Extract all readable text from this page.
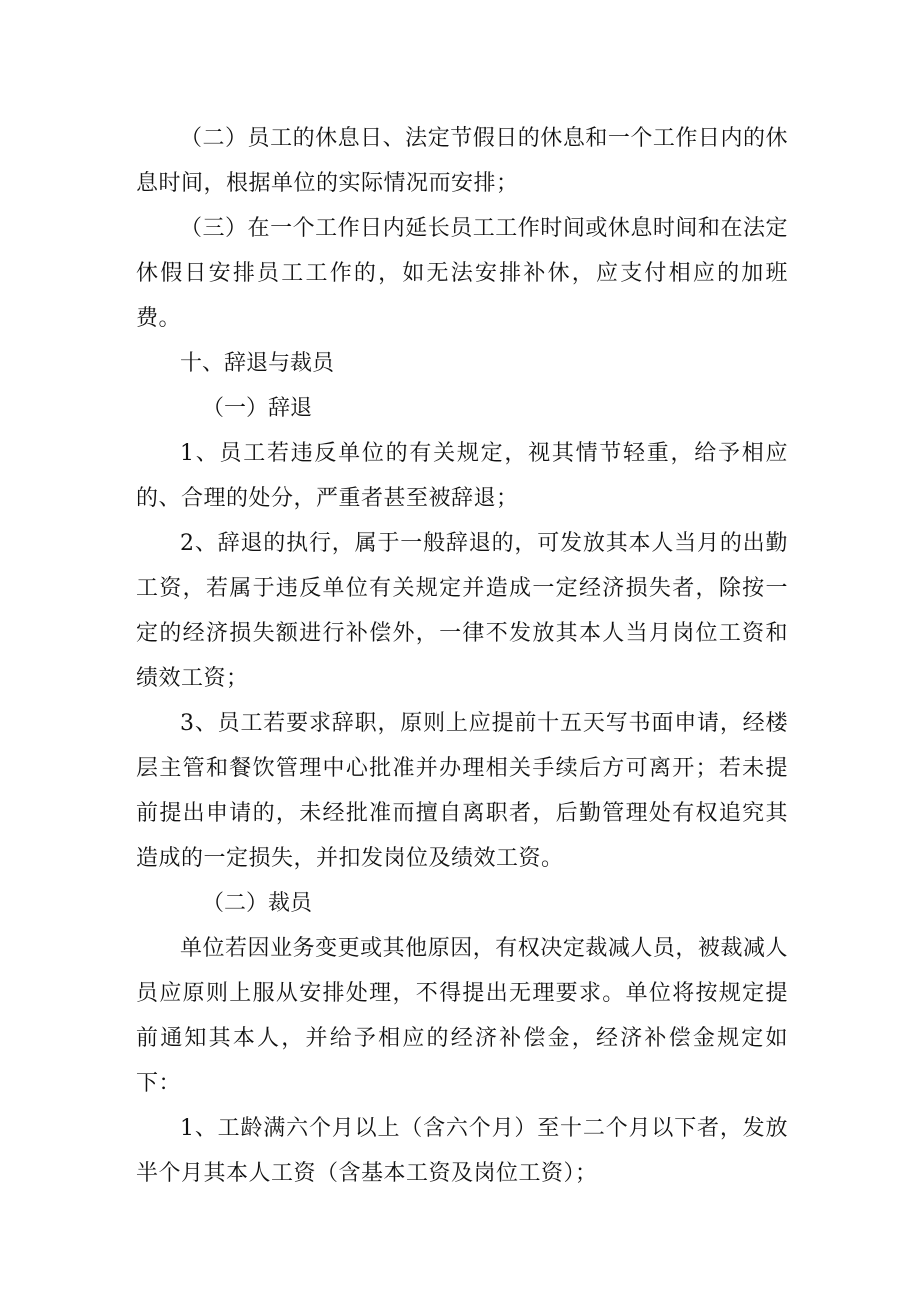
（二）员工的休息日、法定节假日的休息和一个工作日内的休息时间，根据单位的实际情况而安排；

（三）在一个工作日内延长员工工作时间或休息时间和在法定休假日安排员工工作的，如无法安排补休，应支付相应的加班费。

十、辞退与裁员

（一）辞退

1、员工若违反单位的有关规定，视其情节轻重，给予相应的、合理的处分，严重者甚至被辞退；

2、辞退的执行，属于一般辞退的，可发放其本人当月的出勤工资，若属于违反单位有关规定并造成一定经济损失者，除按一定的经济损失额进行补偿外，一律不发放其本人当月岗位工资和绩效工资；

3、员工若要求辞职，原则上应提前十五天写书面申请，经楼层主管和餐饮管理中心批准并办理相关手续后方可离开；若未提前提出申请的，未经批准而擅自离职者，后勤管理处有权追究其造成的一定损失，并扣发岗位及绩效工资。

（二）裁员

单位若因业务变更或其他原因，有权决定裁减人员，被裁减人员应原则上服从安排处理，不得提出无理要求。单位将按规定提前通知其本人，并给予相应的经济补偿金，经济补偿金规定如下：

1、工龄满六个月以上（含六个月）至十二个月以下者，发放半个月其本人工资（含基本工资及岗位工资）；
